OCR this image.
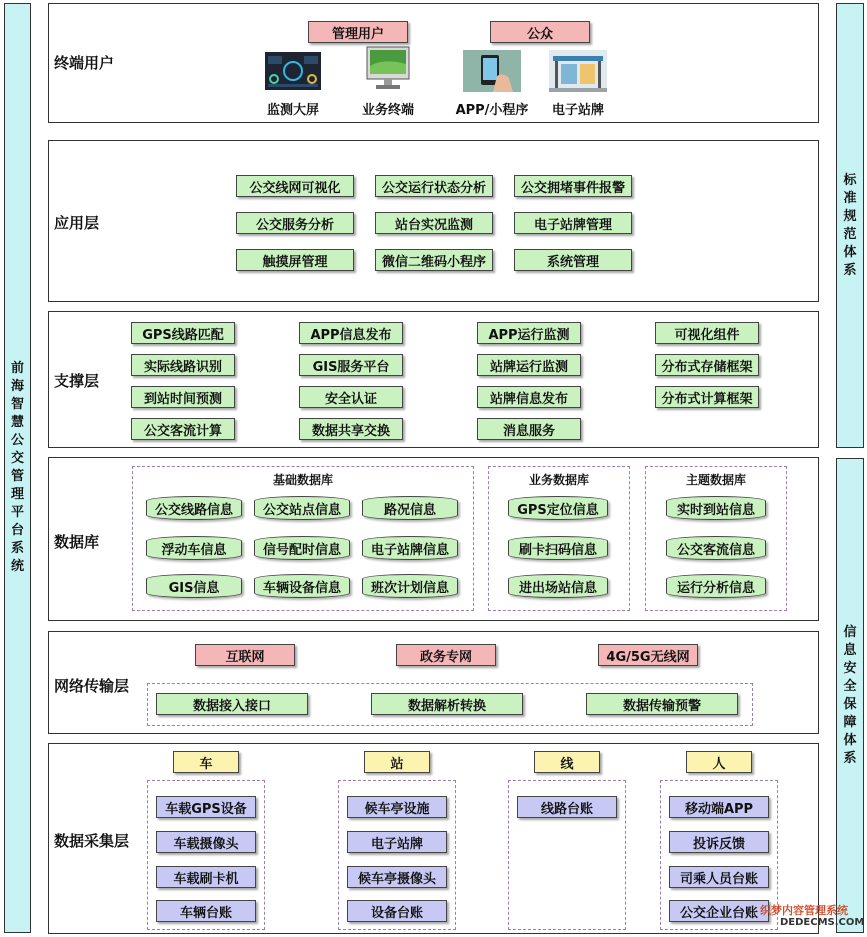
前海智慧公交管理平台系统
标准规范体系
信息安全保障体系
终端用户
管理用户	公众
监测大屏	业务终端	APP/小程序	电子站牌
应用层
公交线网可视化	公交运行状态分析	公交拥堵事件报警
公交服务分析	站台实况监测	电子站牌管理
触摸屏管理	微信二维码小程序	系统管理
支撑层
GPS线路匹配
实际线路识别
到站时间预测
公交客流计算
APP信息发布
GIS服务平台
安全认证
数据共享交换
APP运行监测
站牌运行监测
站牌信息发布
消息服务
可视化组件
分布式存储框架
分布式计算框架
数据库
基础数据库
公交线路信息	公交站点信息	路况信息
浮动车信息	信号配时信息	电子站牌信息
GIS信息	车辆设备信息	班次计划信息
业务数据库
GPS定位信息
刷卡扫码信息
进出场站信息
主题数据库
实时到站信息
公交客流信息
运行分析信息
网络传输层
互联网	政务专网	4G/5G无线网
数据接入接口	数据解析转换	数据传输预警
数据采集层
车	站	线	人
车载GPS设备
车载摄像头
车载刷卡机
车辆台账
候车亭设施
电子站牌
候车亭摄像头
设备台账
线路台账	移动端APP
投诉反馈
司乘人员台账
公交企业台账 织梦内容管理系统
DEDECMS.COM
